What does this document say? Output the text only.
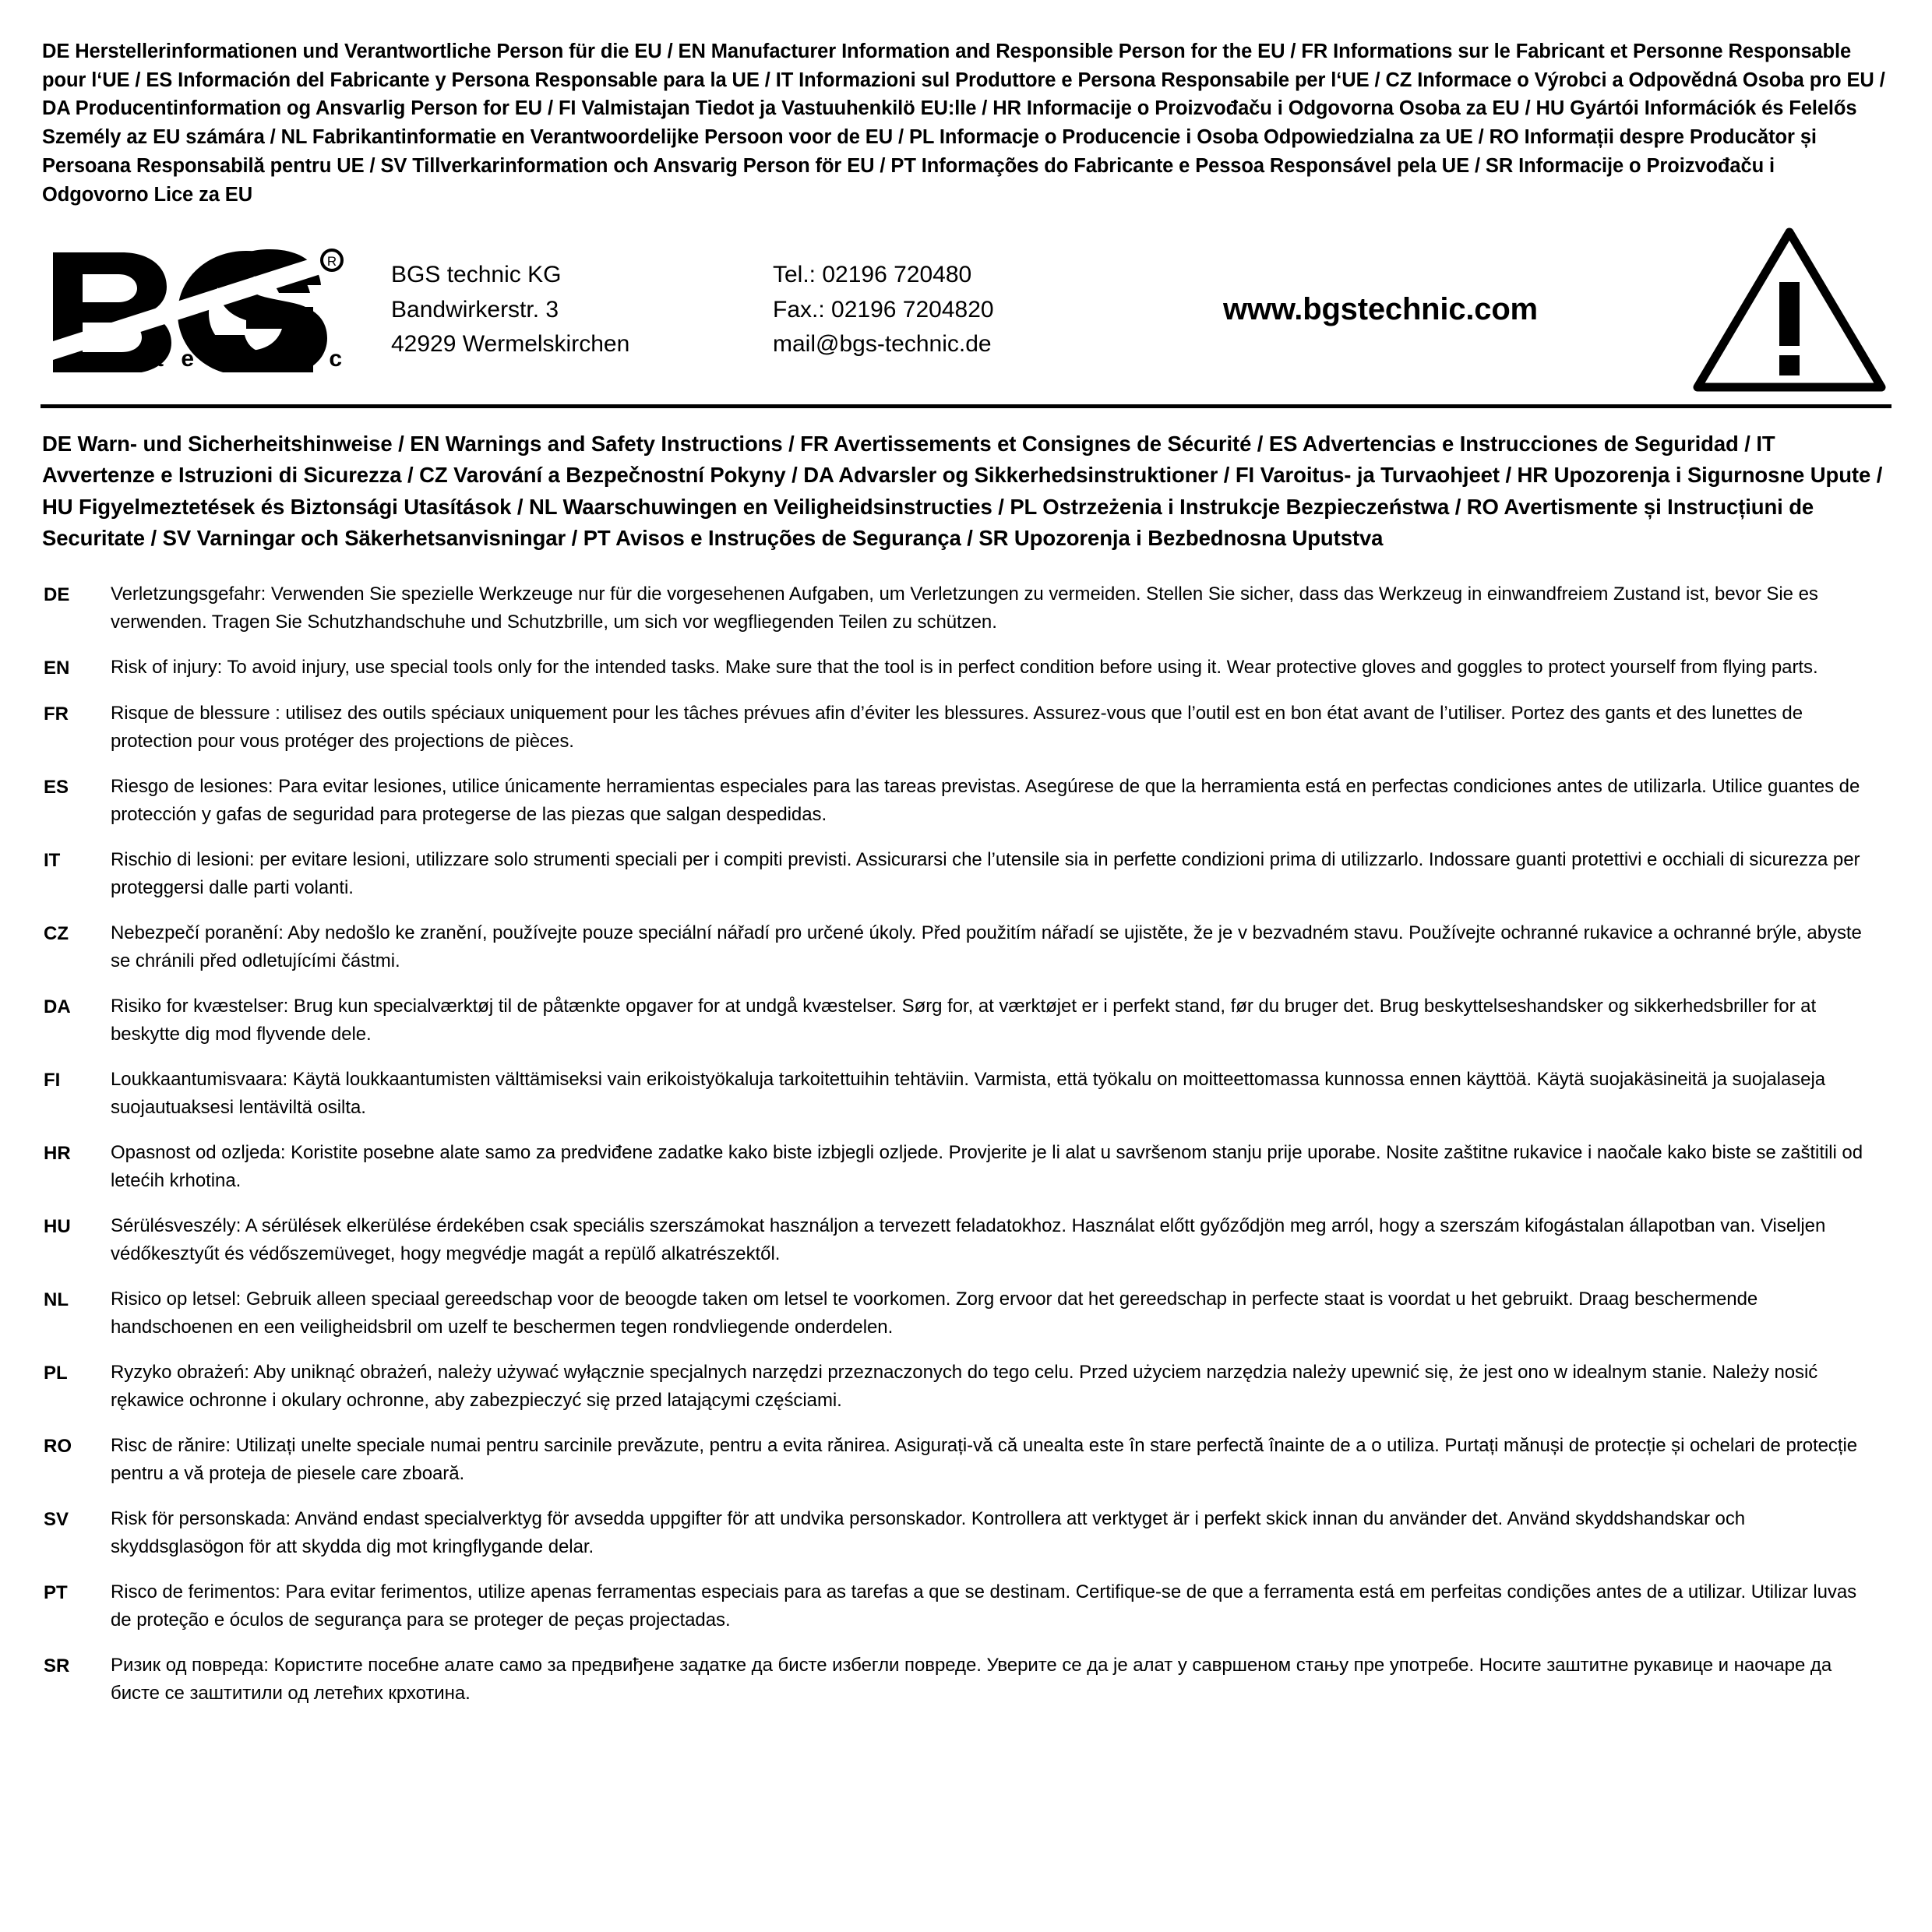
DE Herstellerinformationen und Verantwortliche Person für die EU / EN Manufacturer Information and Responsible Person for the EU / FR Informations sur le Fabricant et Personne Responsable pour l‘UE / ES Información del Fabricante y Persona Responsable para la UE / IT Informazioni sul Produttore e Persona Responsabile per l‘UE / CZ Informace o Výrobci a Odpovědná Osoba pro EU / DA Producentinformation og Ansvarlig Person for EU / FI Valmistajan Tiedot ja Vastuuhenkilö EU:lle / HR Informacije o Proizvođaču i Odgovorna Osoba za EU / HU Gyártói Információk és Felelős Személy az EU számára / NL Fabrikantinformatie en Verantwoordelijke Persoon voor de EU / PL Informacje o Producencie i Osoba Odpowiedzialna za UE / RO Informații despre Producător și Persoana Responsabilă pentru UE / SV Tillverkarinformation och Ansvarig Person för EU / PT Informações do Fabricante e Pessoa Responsável pela UE / SR Informacije o Proizvođaču i Odgovorno Lice za EU
R
t e c h n i c
BGS technic KG
Bandwirkerstr. 3
42929 Wermelskirchen
Tel.: 02196 720480
Fax.: 02196 7204820
mail@bgs-technic.de
www.bgstechnic.com
DE Warn- und Sicherheitshinweise / EN Warnings and Safety Instructions / FR Avertissements et Consignes de Sécurité / ES Advertencias e Instrucciones de Seguridad / IT Avvertenze e Istruzioni di Sicurezza / CZ Varování a Bezpečnostní Pokyny / DA Advarsler og Sikkerhedsinstruktioner / FI Varoitus- ja Turvaohjeet / HR Upozorenja i Sigurnosne Upute / HU Figyelmeztetések és Biztonsági Utasítások / NL Waarschuwingen en Veiligheidsinstructies / PL Ostrzeżenia i Instrukcje Bezpieczeństwa / RO Avertismente și Instrucțiuni de Securitate / SV Varningar och Säkerhetsanvisningar / PT Avisos e Instruções de Segurança / SR Upozorenja i Bezbednosna Uputstva
DE	Verletzungsgefahr: Verwenden Sie spezielle Werkzeuge nur für die vorgesehenen Aufgaben, um Verletzungen zu vermeiden. Stellen Sie sicher, dass das Werkzeug in einwandfreiem Zustand ist, bevor Sie es verwenden. Tragen Sie Schutzhandschuhe und Schutzbrille, um sich vor wegfliegenden Teilen zu schützen.
EN	Risk of injury: To avoid injury, use special tools only for the intended tasks. Make sure that the tool is in perfect condition before using it. Wear protective gloves and goggles to protect yourself from flying parts.
FR	Risque de blessure : utilisez des outils spéciaux uniquement pour les tâches prévues afin d’éviter les blessures. Assurez-vous que l’outil est en bon état avant de l’utiliser. Portez des gants et des lunettes de protection pour vous protéger des projections de pièces.
ES	Riesgo de lesiones: Para evitar lesiones, utilice únicamente herramientas especiales para las tareas previstas. Asegúrese de que la herramienta está en perfectas condiciones antes de utilizarla. Utilice guantes de protección y gafas de seguridad para protegerse de las piezas que salgan despedidas.
IT	Rischio di lesioni: per evitare lesioni, utilizzare solo strumenti speciali per i compiti previsti. Assicurarsi che l’utensile sia in perfette condizioni prima di utilizzarlo. Indossare guanti protettivi e occhiali di sicurezza per proteggersi dalle parti volanti.
CZ	Nebezpečí poranění: Aby nedošlo ke zranění, používejte pouze speciální nářadí pro určené úkoly. Před použitím nářadí se ujistěte, že je v bezvadném stavu. Používejte ochranné rukavice a ochranné brýle, abyste se chránili před odletujícími částmi.
DA	Risiko for kvæstelser: Brug kun specialværktøj til de påtænkte opgaver for at undgå kvæstelser. Sørg for, at værktøjet er i perfekt stand, før du bruger det. Brug beskyttelseshandsker og sikkerhedsbriller for at beskytte dig mod flyvende dele.
FI	Loukkaantumisvaara: Käytä loukkaantumisten välttämiseksi vain erikoistyökaluja tarkoitettuihin tehtäviin. Varmista, että työkalu on moitteettomassa kunnossa ennen käyttöä. Käytä suojakäsineitä ja suojalaseja suojautuaksesi lentäviltä osilta.
HR	Opasnost od ozljeda: Koristite posebne alate samo za predviđene zadatke kako biste izbjegli ozljede. Provjerite je li alat u savršenom stanju prije uporabe. Nosite zaštitne rukavice i naočale kako biste se zaštitili od letećih krhotina.
HU	Sérülésveszély: A sérülések elkerülése érdekében csak speciális szerszámokat használjon a tervezett feladatokhoz. Használat előtt győződjön meg arról, hogy a szerszám kifogástalan állapotban van. Viseljen védőkesztyűt és védőszemüveget, hogy megvédje magát a repülő alkatrészektől.
NL	Risico op letsel: Gebruik alleen speciaal gereedschap voor de beoogde taken om letsel te voorkomen. Zorg ervoor dat het gereedschap in perfecte staat is voordat u het gebruikt. Draag beschermende handschoenen en een veiligheidsbril om uzelf te beschermen tegen rondvliegende onderdelen.
PL	Ryzyko obrażeń: Aby uniknąć obrażeń, należy używać wyłącznie specjalnych narzędzi przeznaczonych do tego celu. Przed użyciem narzędzia należy upewnić się, że jest ono w idealnym stanie. Należy nosić rękawice ochronne i okulary ochronne, aby zabezpieczyć się przed latającymi częściami.
RO	Risc de rănire: Utilizați unelte speciale numai pentru sarcinile prevăzute, pentru a evita rănirea. Asigurați-vă că unealta este în stare perfectă înainte de a o utiliza. Purtați mănuși de protecție și ochelari de protecție pentru a vă proteja de piesele care zboară.
SV	Risk för personskada: Använd endast specialverktyg för avsedda uppgifter för att undvika personskador. Kontrollera att verktyget är i perfekt skick innan du använder det. Använd skyddshandskar och skyddsglasögon för att skydda dig mot kringflygande delar.
PT	Risco de ferimentos: Para evitar ferimentos, utilize apenas ferramentas especiais para as tarefas a que se destinam. Certifique-se de que a ferramenta está em perfeitas condições antes de a utilizar. Utilizar luvas de proteção e óculos de segurança para se proteger de peças projectadas.
SR	Ризик од повреда: Користите посебне алате само за предвиђене задатке да бисте избегли повреде. Уверите се да је алат у савршеном стању пре употребе. Носите заштитне рукавице и наочаре да бисте се заштитили од летећих крхотина.
